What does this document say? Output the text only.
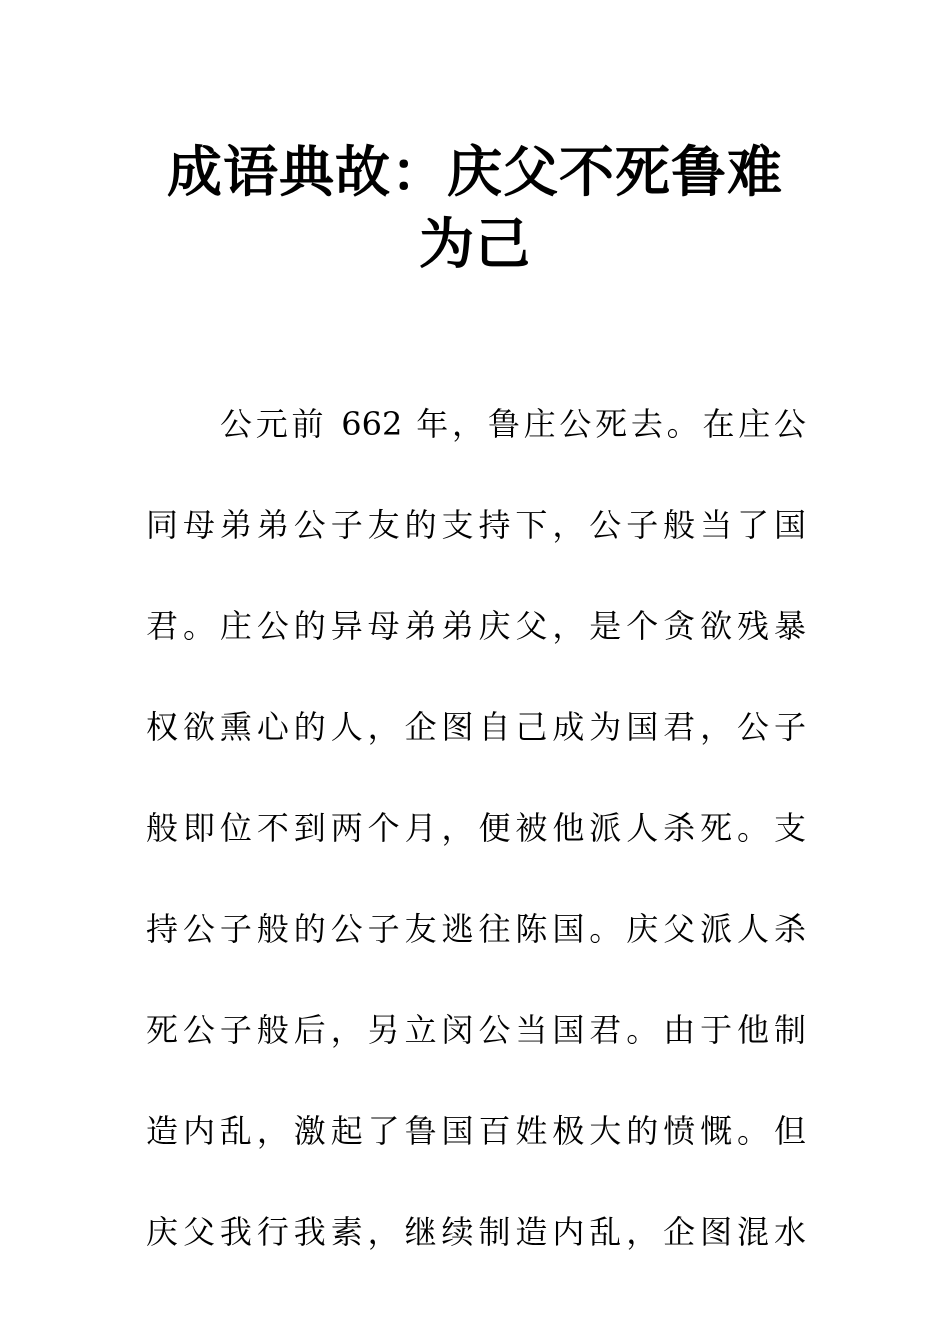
成语典故：庆父不死鲁难为己
公元前 662 年，鲁庄公死去。在庄公
同母弟弟公子友的支持下，公子般当了国
君。庄公的异母弟弟庆父，是个贪欲残暴
权欲熏心的人，企图自己成为国君，公子
般即位不到两个月，便被他派人杀死。支
持公子般的公子友逃往陈国。庆父派人杀
死公子般后，另立闵公当国君。由于他制
造内乱，激起了鲁国百姓极大的愤慨。但
庆父我行我素，继续制造内乱，企图混水
